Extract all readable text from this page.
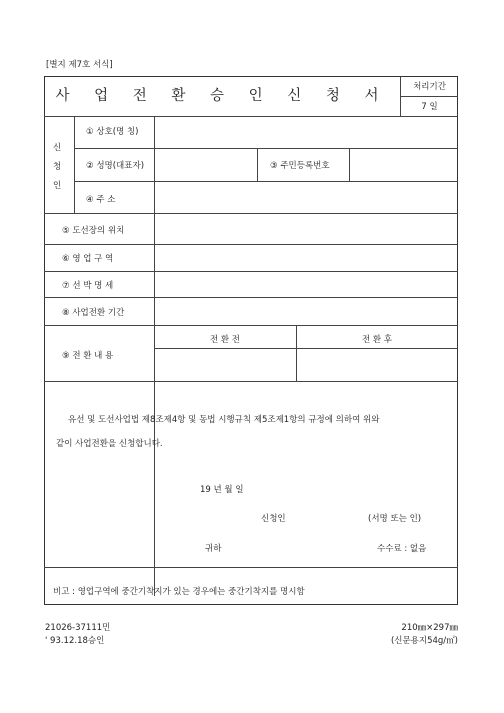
[별지 제7호 서식]
사 업 전 환 승 인 신 청 서
처리기간
7 일
신
청
인
① 상호(명 칭)
② 성명(대표자)	③ 주민등록번호
④ 주 소
⑤ 도선장의 위치
⑥ 영 업 구 역
⑦ 선 박 명 세
⑧ 사업전환 기간
⑨ 전 환 내 용
전 환 전	전 환 후
유선 및 도선사업법 제8조제4항 및 동법 시행규칙 제5조제1항의 규정에 의하여 위와
같이 사업전환을 신청합니다.
19 년 월 일
신청인	(서명 또는 인)
귀하	수수료 : 없음
비고 : 영업구역에 중간기착지가 있는 경우에는 중간기착지를 명시함
21026-37111민
' 93.12.18승인
210㎜×297㎜
(신문용지54g/㎡)
